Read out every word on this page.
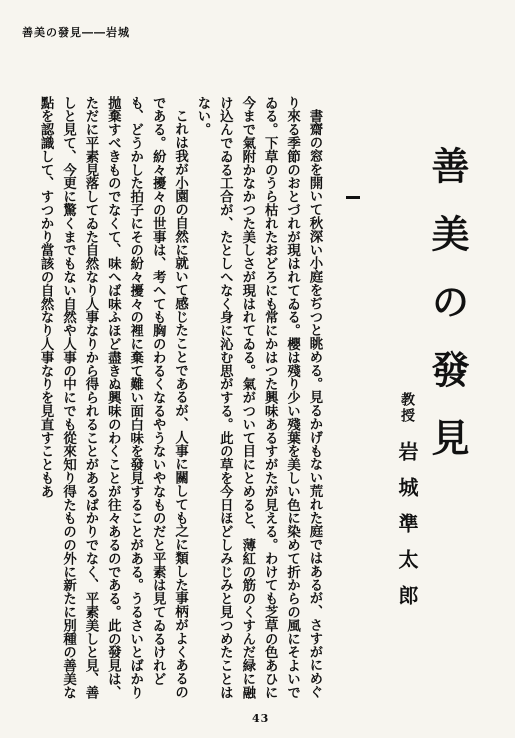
善美の發見――岩城
善美の發見
教授 岩城準太郎

書齋の窓を開いて秋深い小庭をぢつと眺める。見るかげもない荒れた庭ではあるが、さすがにめぐり來る季節のおとづれが現はれてゐる。櫻は殘り少い殘葉を美しい色に染めて折からの風にそよいでゐる。下草のうら枯れたおどろにも常にかはつた興味あるすがたが見える。わけても芝草の色あひに今まで氣附かなかつた美しさが現はれてゐる。氣がついて目にとめると、薄紅の筋のくすんだ緑に融け込んでゐる工合が、たとしへなく身に沁む思がする。此の草を今日ほどしみじみと見つめたことはない。

これは我が小園の自然に就いて感じたことであるが、人事に關しても之に類した事柄がよくあるのである。紛々擾々の世事は、考へても胸のわるくなるやうないやなものだと平素は見てゐるけれども、どうかした拍子にその紛々擾々の裡に棄て難い面白味を發見することがある。うるさいとばかり拋棄すべきものでなくて、味へば味ふほど盡きぬ興味のわくことが往々あるのである。此の發見は、ただに平素見落してゐた自然なり人事なりから得られることがあるばかりでなく、平素美しと見、善しと見て、今更に驚くまでもない自然や人事の中にでも從來知り得たものの外に新たに別種の善美な點を認識して、すつかり當該の自然なり人事なりを見直すこともあ

43
